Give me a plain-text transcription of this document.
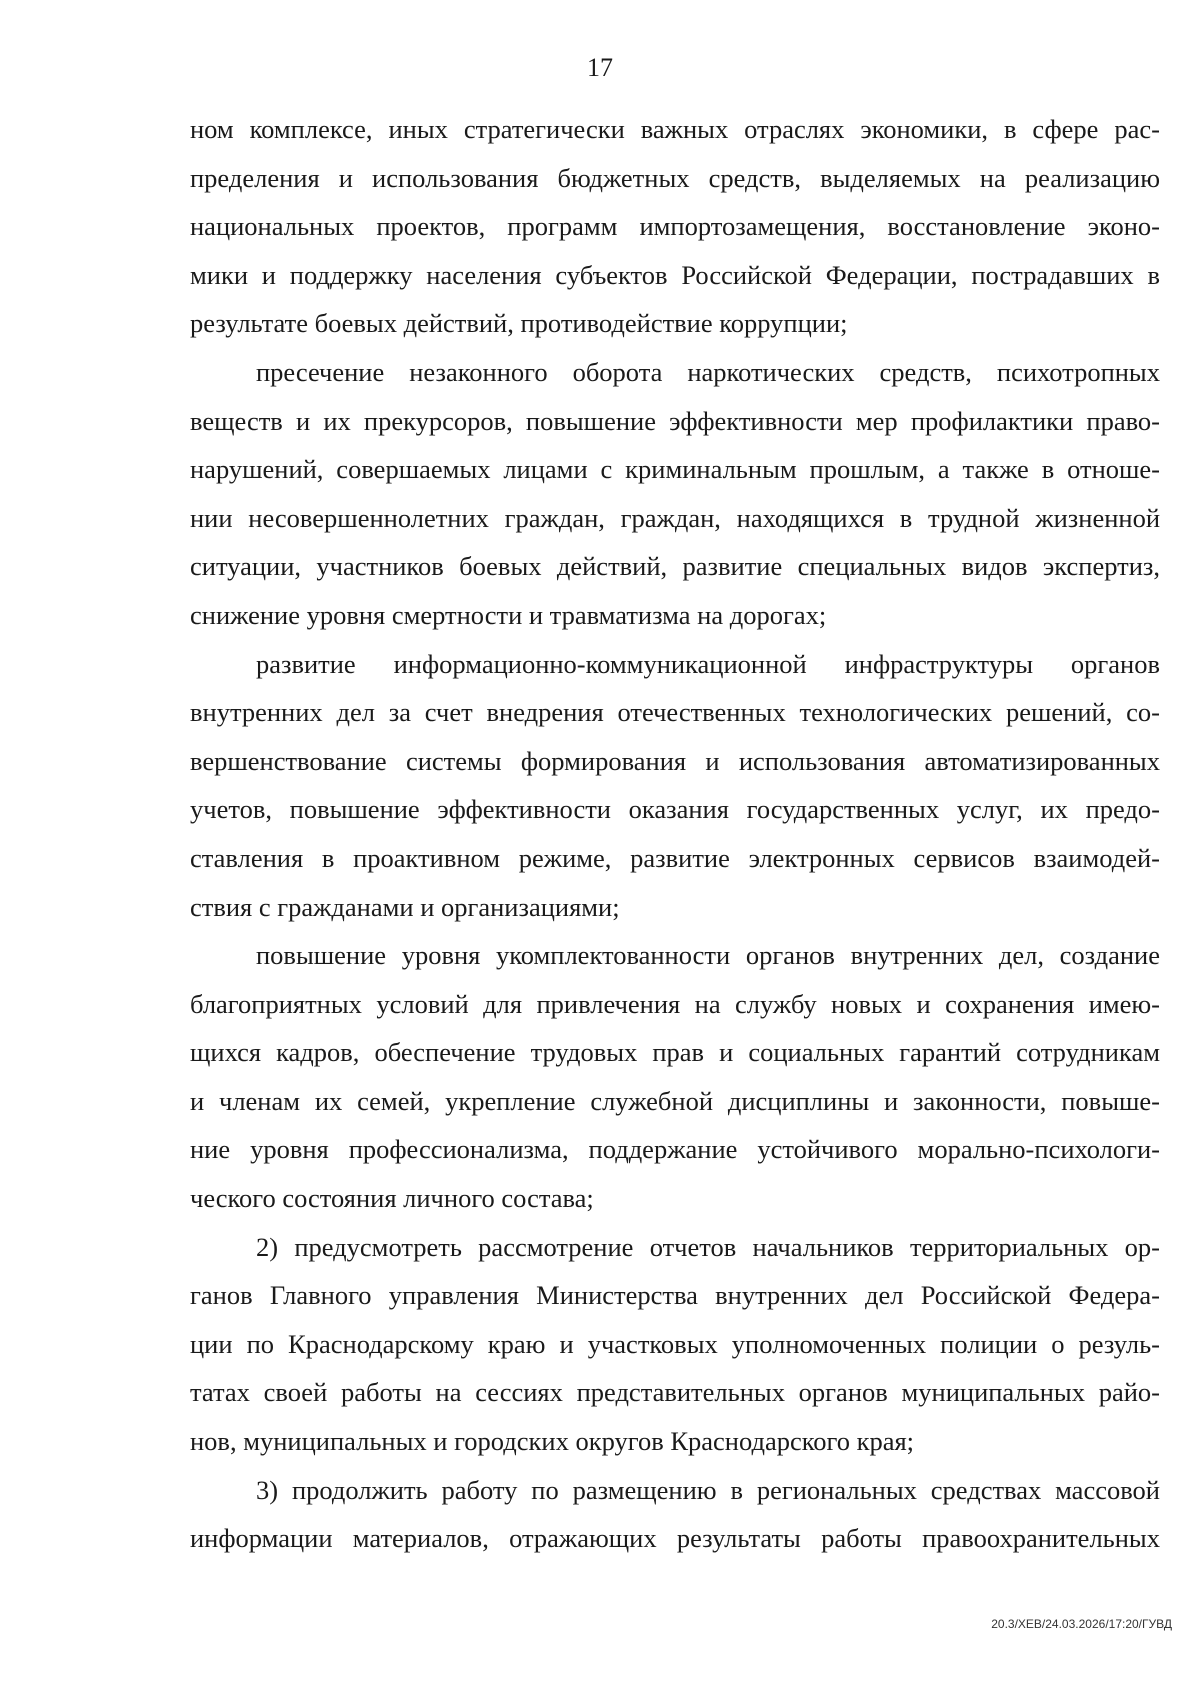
17
ном комплексе, иных стратегически важных отраслях экономики, в сфере рас-
пределения и использования бюджетных средств, выделяемых на реализацию
национальных проектов, программ импортозамещения, восстановление эконо-
мики и поддержку населения субъектов Российской Федерации, пострадавших в
результате боевых действий, противодействие коррупции;
пресечение незаконного оборота наркотических средств, психотропных
веществ и их прекурсоров, повышение эффективности мер профилактики право-
нарушений, совершаемых лицами с криминальным прошлым, а также в отноше-
нии несовершеннолетних граждан, граждан, находящихся в трудной жизненной
ситуации, участников боевых действий, развитие специальных видов экспертиз,
снижение уровня смертности и травматизма на дорогах;
развитие информационно-коммуникационной инфраструктуры органов
внутренних дел за счет внедрения отечественных технологических решений, со-
вершенствование системы формирования и использования автоматизированных
учетов, повышение эффективности оказания государственных услуг, их предо-
ставления в проактивном режиме, развитие электронных сервисов взаимодей-
ствия с гражданами и организациями;
повышение уровня укомплектованности органов внутренних дел, создание
благоприятных условий для привлечения на службу новых и сохранения имею-
щихся кадров, обеспечение трудовых прав и социальных гарантий сотрудникам
и членам их семей, укрепление служебной дисциплины и законности, повыше-
ние уровня профессионализма, поддержание устойчивого морально-психологи-
ческого состояния личного состава;
2) предусмотреть рассмотрение отчетов начальников территориальных ор-
ганов Главного управления Министерства внутренних дел Российской Федера-
ции по Краснодарскому краю и участковых уполномоченных полиции о резуль-
татах своей работы на сессиях представительных органов муниципальных райо-
нов, муниципальных и городских округов Краснодарского края;
3) продолжить работу по размещению в региональных средствах массовой
информации материалов, отражающих результаты работы правоохранительных
20.3/ХЕВ/24.03.2026/17:20/ГУВД
